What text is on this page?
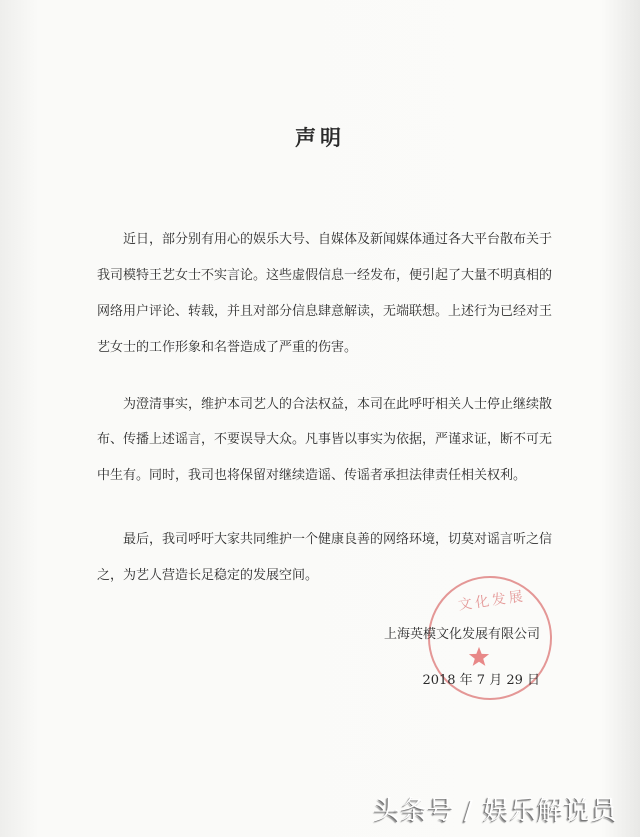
声明
近日，部分别有用心的娱乐大号、自媒体及新闻媒体通过各大平台散布关于
我司模特王艺女士不实言论。这些虚假信息一经发布，便引起了大量不明真相的
网络用户评论、转载，并且对部分信息肆意解读，无端联想。上述行为已经对王
艺女士的工作形象和名誉造成了严重的伤害。
为澄清事实，维护本司艺人的合法权益，本司在此呼吁相关人士停止继续散
布、传播上述谣言，不要误导大众。凡事皆以事实为依据，严谨求证，断不可无
中生有。同时，我司也将保留对继续造谣、传谣者承担法律责任相关权利。
最后，我司呼吁大家共同维护一个健康良善的网络环境，切莫对谣言听之信
之，为艺人营造长足稳定的发展空间。
文化发展
上海英模文化发展有限公司
2018 年 7 月 29 日
头条号 / 娱乐解说员
